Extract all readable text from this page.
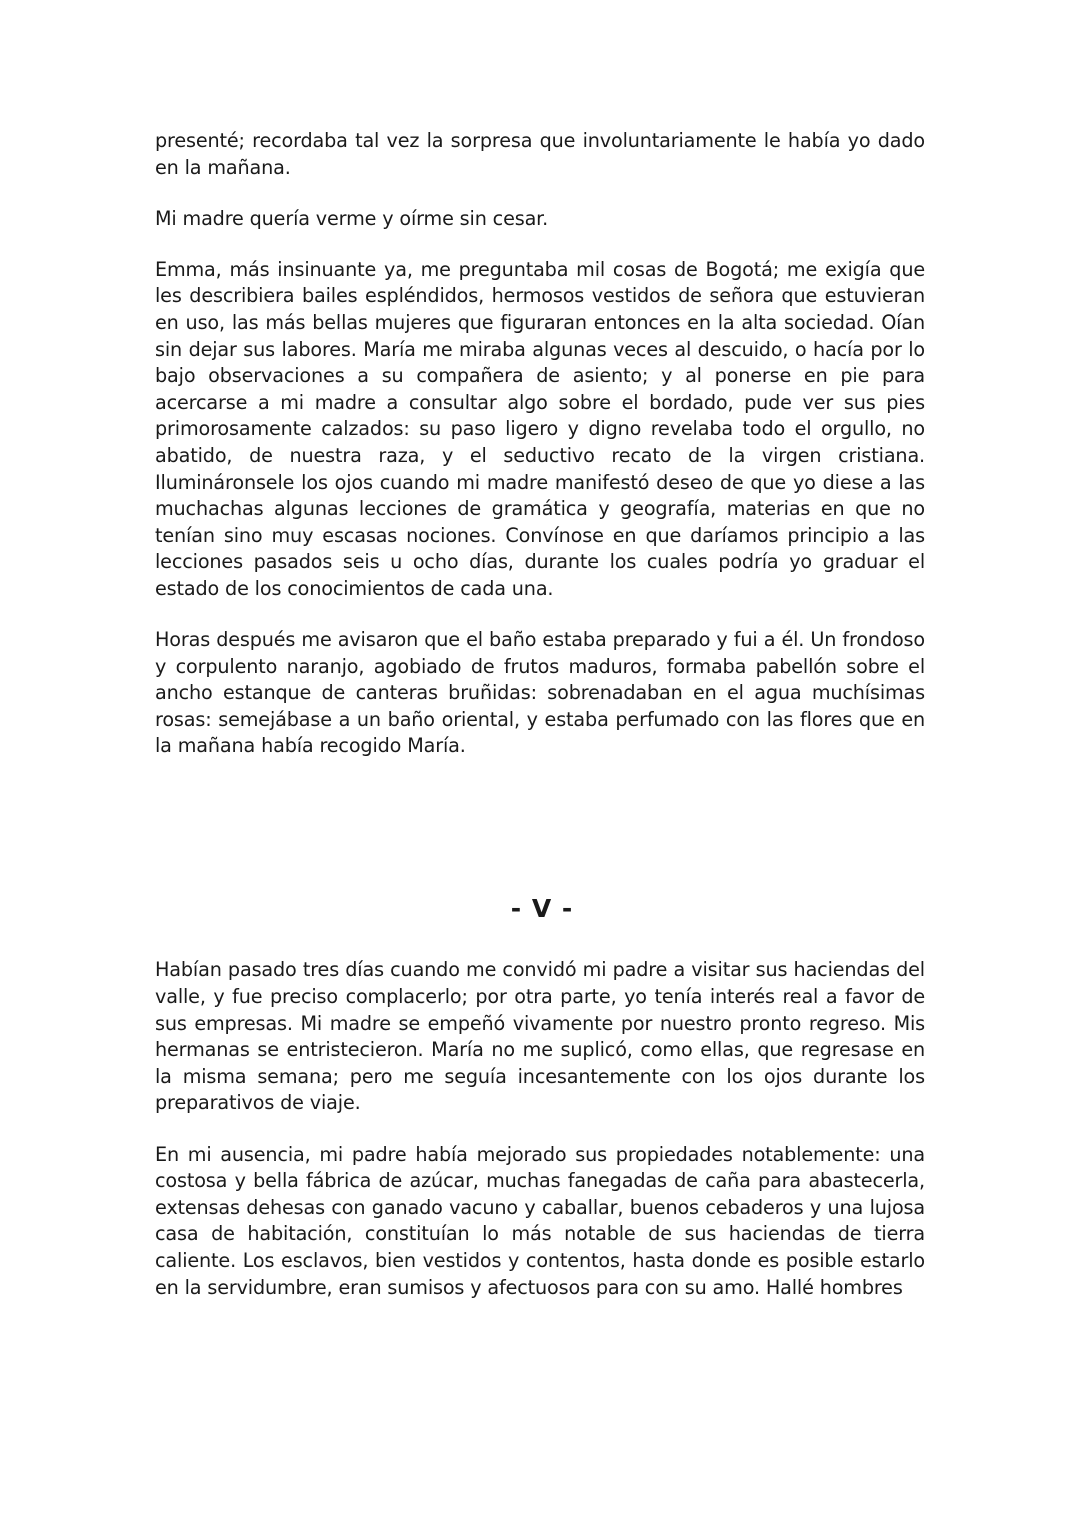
presenté; recordaba tal vez la sorpresa que involuntariamente le había yo dado en la mañana.

Mi madre quería verme y oírme sin cesar.

Emma, más insinuante ya, me preguntaba mil cosas de Bogotá; me exigía que les describiera bailes espléndidos, hermosos vestidos de señora que estuvieran en uso, las más bellas mujeres que figuraran entonces en la alta sociedad. Oían sin dejar sus labores. María me miraba algunas veces al descuido, o hacía por lo bajo observaciones a su compañera de asiento; y al ponerse en pie para acercarse a mi madre a consultar algo sobre el bordado, pude ver sus pies primorosamente calzados: su paso ligero y digno revelaba todo el orgullo, no abatido, de nuestra raza, y el seductivo recato de la virgen cristiana. Ilumináronsele los ojos cuando mi madre manifestó deseo de que yo diese a las muchachas algunas lecciones de gramática y geografía, materias en que no tenían sino muy escasas nociones. Convínose en que daríamos principio a las lecciones pasados seis u ocho días, durante los cuales podría yo graduar el estado de los conocimientos de cada una.

Horas después me avisaron que el baño estaba preparado y fui a él. Un frondoso y corpulento naranjo, agobiado de frutos maduros, formaba pabellón sobre el ancho estanque de canteras bruñidas: sobrenadaban en el agua muchísimas rosas: semejábase a un baño oriental, y estaba perfumado con las flores que en la mañana había recogido María.

- V -

Habían pasado tres días cuando me convidó mi padre a visitar sus haciendas del valle, y fue preciso complacerlo; por otra parte, yo tenía interés real a favor de sus empresas. Mi madre se empeñó vivamente por nuestro pronto regreso. Mis hermanas se entristecieron. María no me suplicó, como ellas, que regresase en la misma semana; pero me seguía incesantemente con los ojos durante los preparativos de viaje.

En mi ausencia, mi padre había mejorado sus propiedades notablemente: una costosa y bella fábrica de azúcar, muchas fanegadas de caña para abastecerla, extensas dehesas con ganado vacuno y caballar, buenos cebaderos y una lujosa casa de habitación, constituían lo más notable de sus haciendas de tierra caliente. Los esclavos, bien vestidos y contentos, hasta donde es posible estarlo en la servidumbre, eran sumisos y afectuosos para con su amo. Hallé hombres
